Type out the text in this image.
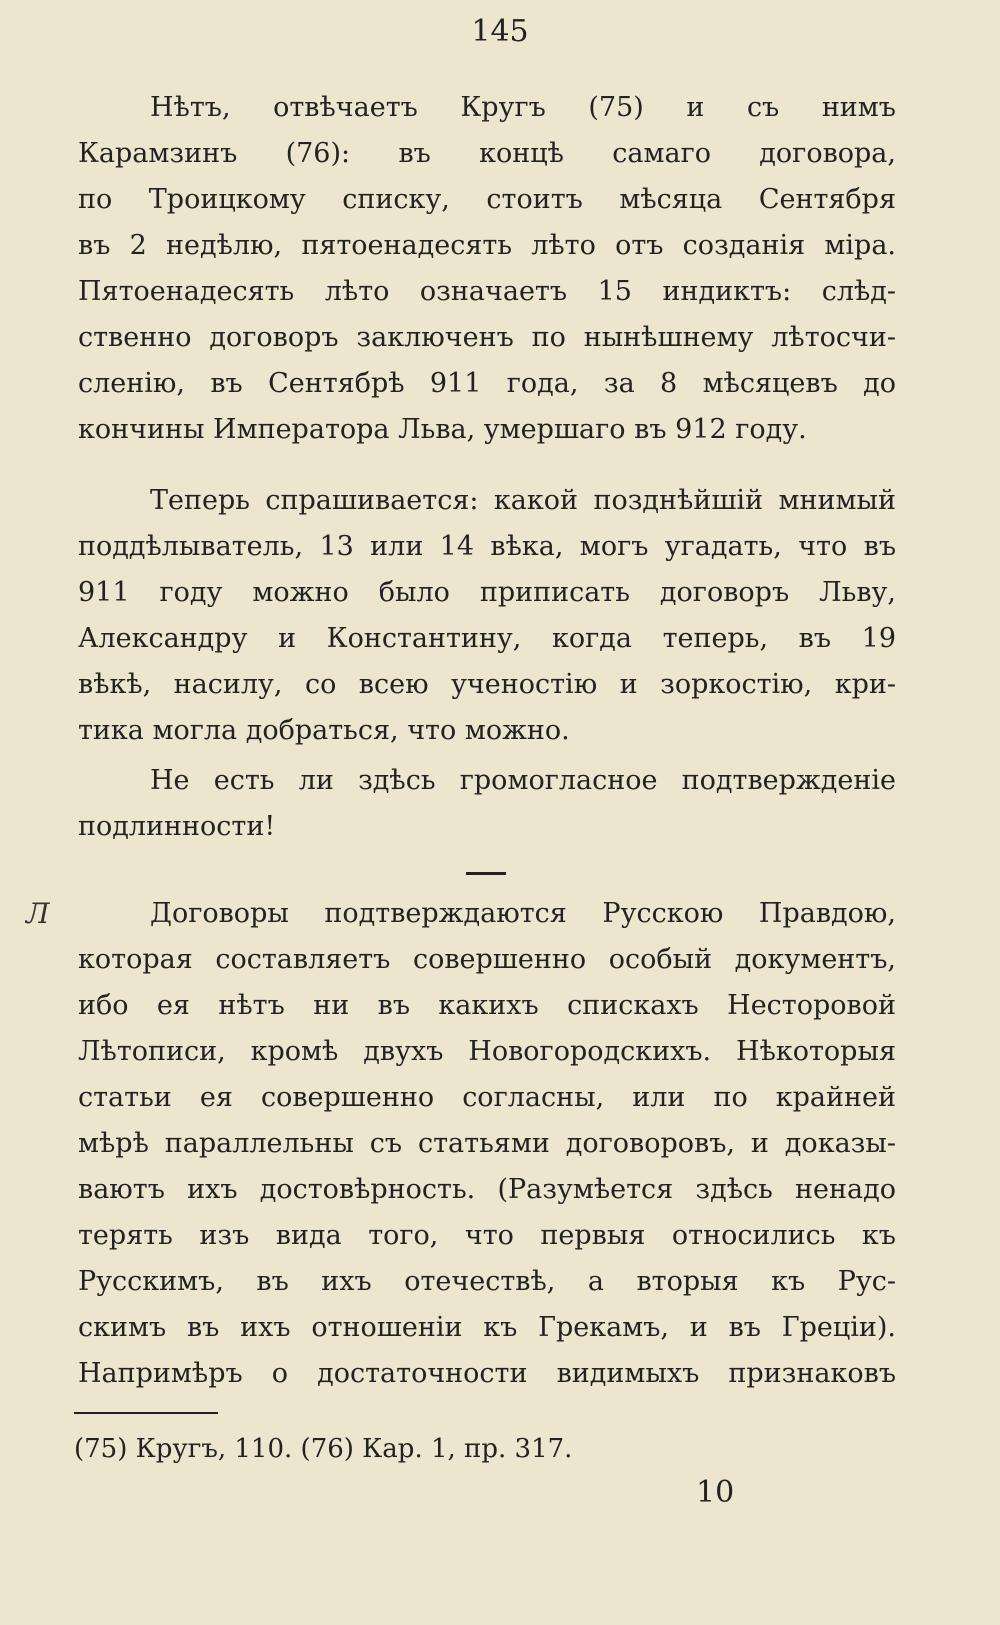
145
Нѣтъ, отвѣчаетъ Кругъ (75) и съ нимъ
Карамзинъ (76): въ концѣ самаго договора,
по Троицкому списку, стоитъ мѣсяца Сентября
въ 2 недѣлю, пятоенадесять лѣто отъ созданія міра.
Пятоенадесять лѣто означаетъ 15 индиктъ: слѣд-
ственно договоръ заключенъ по нынѣшнему лѣтосчи-
сленію, въ Сентябрѣ 911 года, за 8 мѣсяцевъ до
кончины Императора Льва, умершаго въ 912 году.
Теперь спрашивается: какой позднѣйшій мнимый
поддѣлыватель, 13 или 14 вѣка, могъ угадать, что въ
911 году можно было приписать договоръ Льву,
Александру и Константину, когда теперь, въ 19
вѣкѣ, насилу, со всею ученостію и зоркостію, кри-
тика могла добраться, что можно.
Не есть ли здѣсь громогласное подтвержденіе
подлинности!
Л	Договоры подтверждаются Русскою Правдою,
которая составляетъ совершенно особый документъ,
ибо ея нѣтъ ни въ какихъ спискахъ Несторовой
Лѣтописи, кромѣ двухъ Новогородскихъ. Нѣкоторыя
статьи ея совершенно согласны, или по крайней
мѣрѣ параллельны съ статьями договоровъ, и доказы-
ваютъ ихъ достовѣрность. (Разумѣется здѣсь ненадо
терять изъ вида того, что первыя относились къ
Русскимъ, въ ихъ отечествѣ, а вторыя къ Рус-
скимъ въ ихъ отношеніи къ Грекамъ, и въ Греціи).
Напримѣръ о достаточности видимыхъ признаковъ
(75) Кругъ, 110. (76) Кар. 1, пр. 317.
10
